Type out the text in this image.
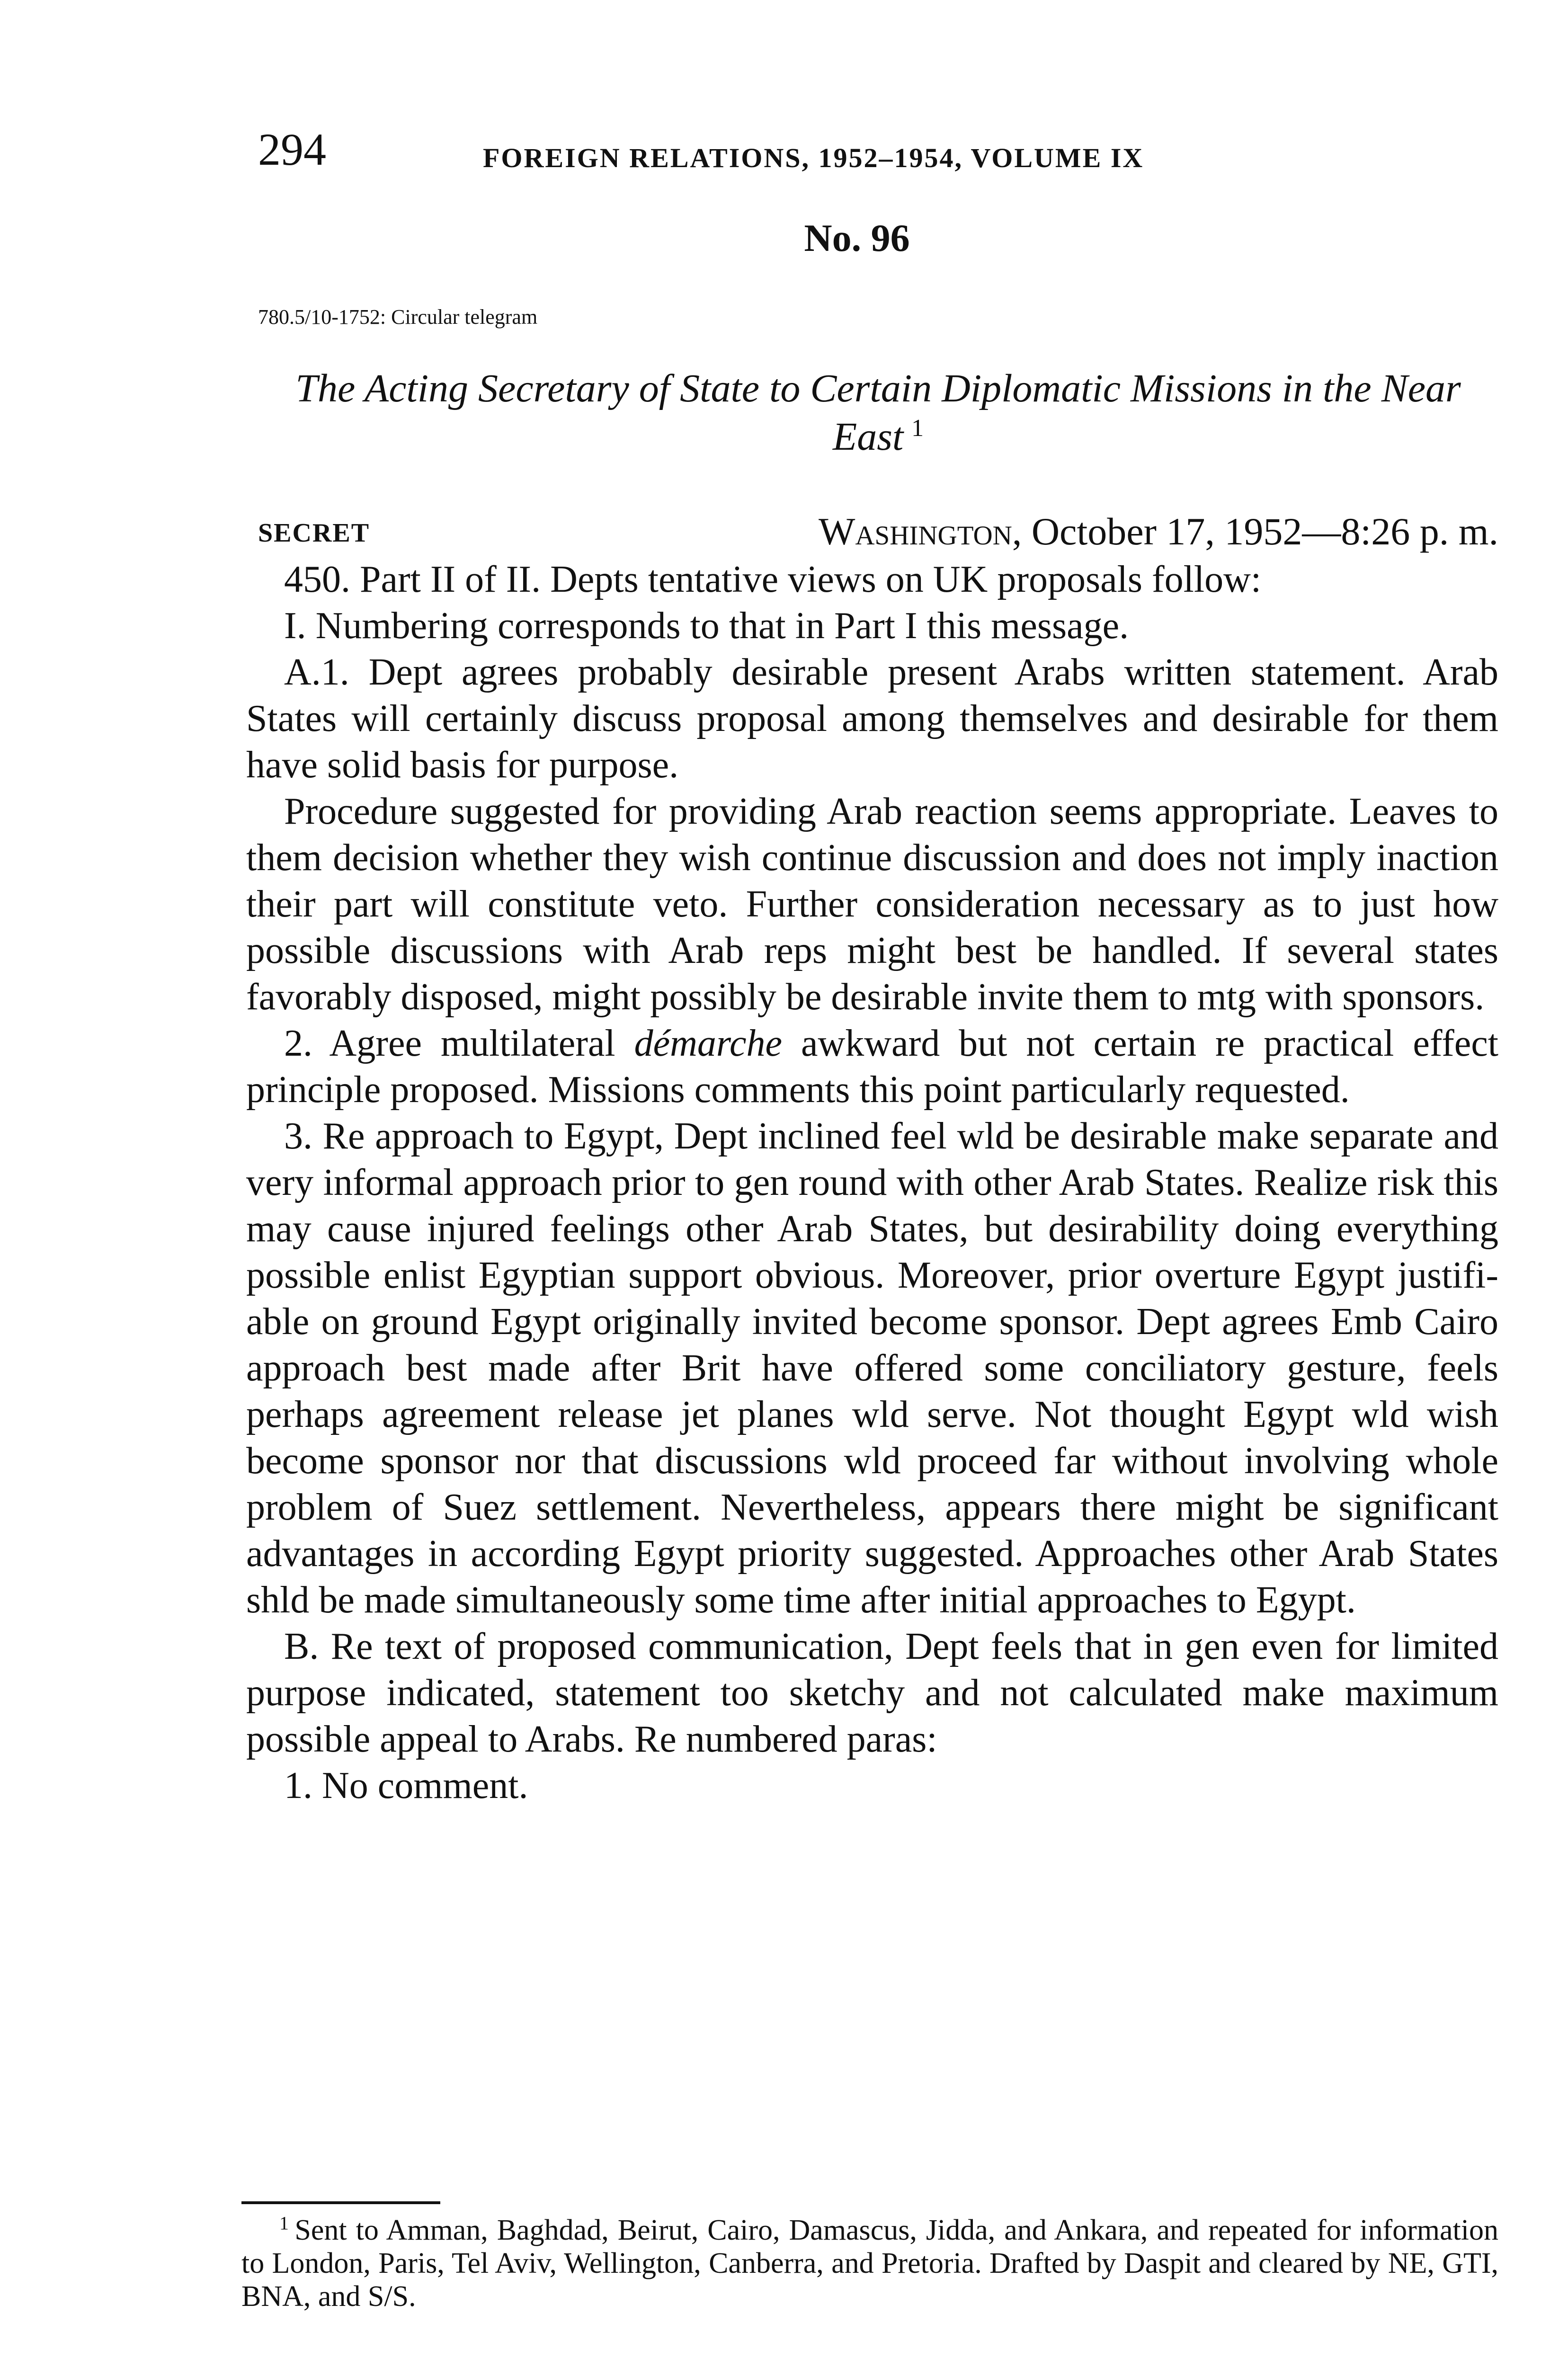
294	FOREIGN RELATIONS, 1952–1954, VOLUME IX
No. 96
780.5/10-1752: Circular telegram
The Acting Secretary of State to Certain Diplomatic Missions in the Near East  $^1$
SECRET	Washington, October 17, 1952—8:26 p. m.

450. Part II of II. Depts tentative views on UK proposals follow:

I. Numbering corresponds to that in Part I this message.

A.1. Dept agrees probably desirable present Arabs written statement. Arab States will certainly discuss proposal among themselves and desirable for them have solid basis for purpose.

Procedure suggested for providing Arab reaction seems appropriate. Leaves to them decision whether they wish continue discussion and does not imply inaction their part will constitute veto. Further consideration necessary as to just how possible discussions with Arab reps might best be handled. If several states favorably disposed, might possibly be desirable invite them to mtg with sponsors.

2. Agree multilateral démarche awkward but not certain re practical effect principle proposed. Missions comments this point particularly requested.

3. Re approach to Egypt, Dept inclined feel wld be desirable make separate and very informal approach prior to gen round with other Arab States. Realize risk this may cause injured feelings other Arab States, but desirability doing everything possible enlist Egyptian support obvious. Moreover, prior overture Egypt justifiable on ground Egypt originally invited become sponsor. Dept agrees Emb Cairo approach best made after Brit have offered some conciliatory gesture, feels perhaps agreement release jet planes wld serve. Not thought Egypt wld wish become sponsor nor that discussions wld proceed far without involving whole problem of Suez settlement. Nevertheless, appears there might be significant advantages in according Egypt priority suggested. Approaches other Arab States shld be made simultaneously some time after initial approaches to Egypt.

B. Re text of proposed communication, Dept feels that in gen even for limited purpose indicated, statement too sketchy and not calculated make maximum possible appeal to Arabs. Re numbered paras:

1. No comment.

$^1$  Sent to Amman, Baghdad, Beirut, Cairo, Damascus, Jidda, and Ankara, and repeated for information to London, Paris, Tel Aviv, Wellington, Canberra, and Pretoria. Drafted by Daspit and cleared by NE, GTI, BNA, and S/S.
